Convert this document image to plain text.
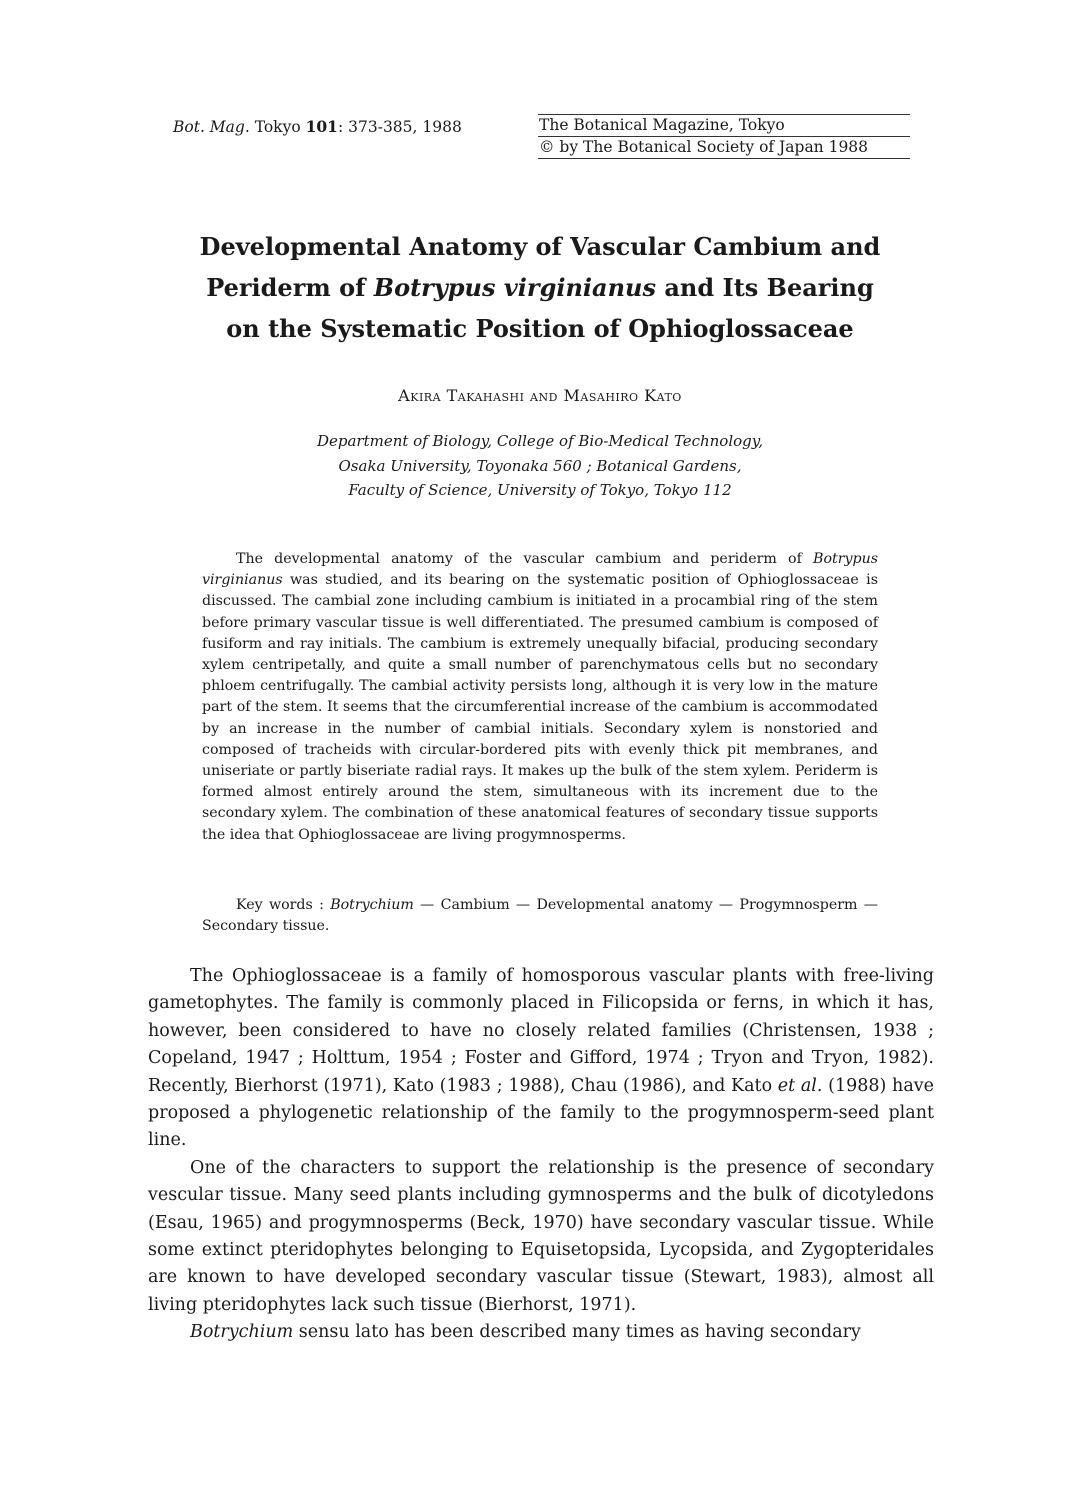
Bot. Mag. Tokyo 101: 373-385, 1988	The Botanical Magazine, Tokyo
© by The Botanical Society of Japan 1988
Developmental Anatomy of Vascular Cambium and
Periderm of Botrypus virginianus and Its Bearing
on the Systematic Position of Ophioglossaceae
Akira Takahashi and Masahiro Kato
Department of Biology, College of Bio-Medical Technology,
Osaka University, Toyonaka 560 ; Botanical Gardens,
Faculty of Science, University of Tokyo, Tokyo 112
The developmental anatomy of the vascular cambium and periderm of Botrypus virginianus was studied, and its bearing on the systematic position of Ophioglossaceae is discussed. The cambial zone including cambium is initiated in a procambial ring of the stem before primary vascular tissue is well differentiated. The presumed cambium is composed of fusiform and ray initials. The cambium is extremely unequally bifacial, producing secondary xylem centripetally, and quite a small number of parenchymatous cells but no secondary phloem centrifugally. The cambial activity persists long, although it is very low in the mature part of the stem. It seems that the circumferential increase of the cambium is accommodated by an increase in the number of cambial initials. Secondary xylem is nonstoried and composed of tracheids with circular-bordered pits with evenly thick pit membranes, and uniseriate or partly biseriate radial rays. It makes up the bulk of the stem xylem. Periderm is formed almost entirely around the stem, simultaneous with its increment due to the secondary xylem. The combination of these anatomical features of secondary tissue supports the idea that Ophioglossaceae are living progymnosperms.
Key words : Botrychium — Cambium — Developmental anatomy — Progymnosperm — Secondary tissue.

The Ophioglossaceae is a family of homosporous vascular plants with free-living gametophytes. The family is commonly placed in Filicopsida or ferns, in which it has, however, been considered to have no closely related families (Christensen, 1938 ; Copeland, 1947 ; Holttum, 1954 ; Foster and Gifford, 1974 ; Tryon and Tryon, 1982). Recently, Bierhorst (1971), Kato (1983 ; 1988), Chau (1986), and Kato et al. (1988) have proposed a phylogenetic relationship of the family to the progymnosperm-seed plant line.

One of the characters to support the relationship is the presence of secondary vescular tissue. Many seed plants including gymnosperms and the bulk of dicotyledons (Esau, 1965) and progymnosperms (Beck, 1970) have secondary vascular tissue. While some extinct pteridophytes belonging to Equisetopsida, Lycopsida, and Zygopteridales are known to have developed secondary vascular tissue (Stewart, 1983), almost all living pteridophytes lack such tissue (Bierhorst, 1971).

Botrychium sensu lato has been described many times as having secondary
